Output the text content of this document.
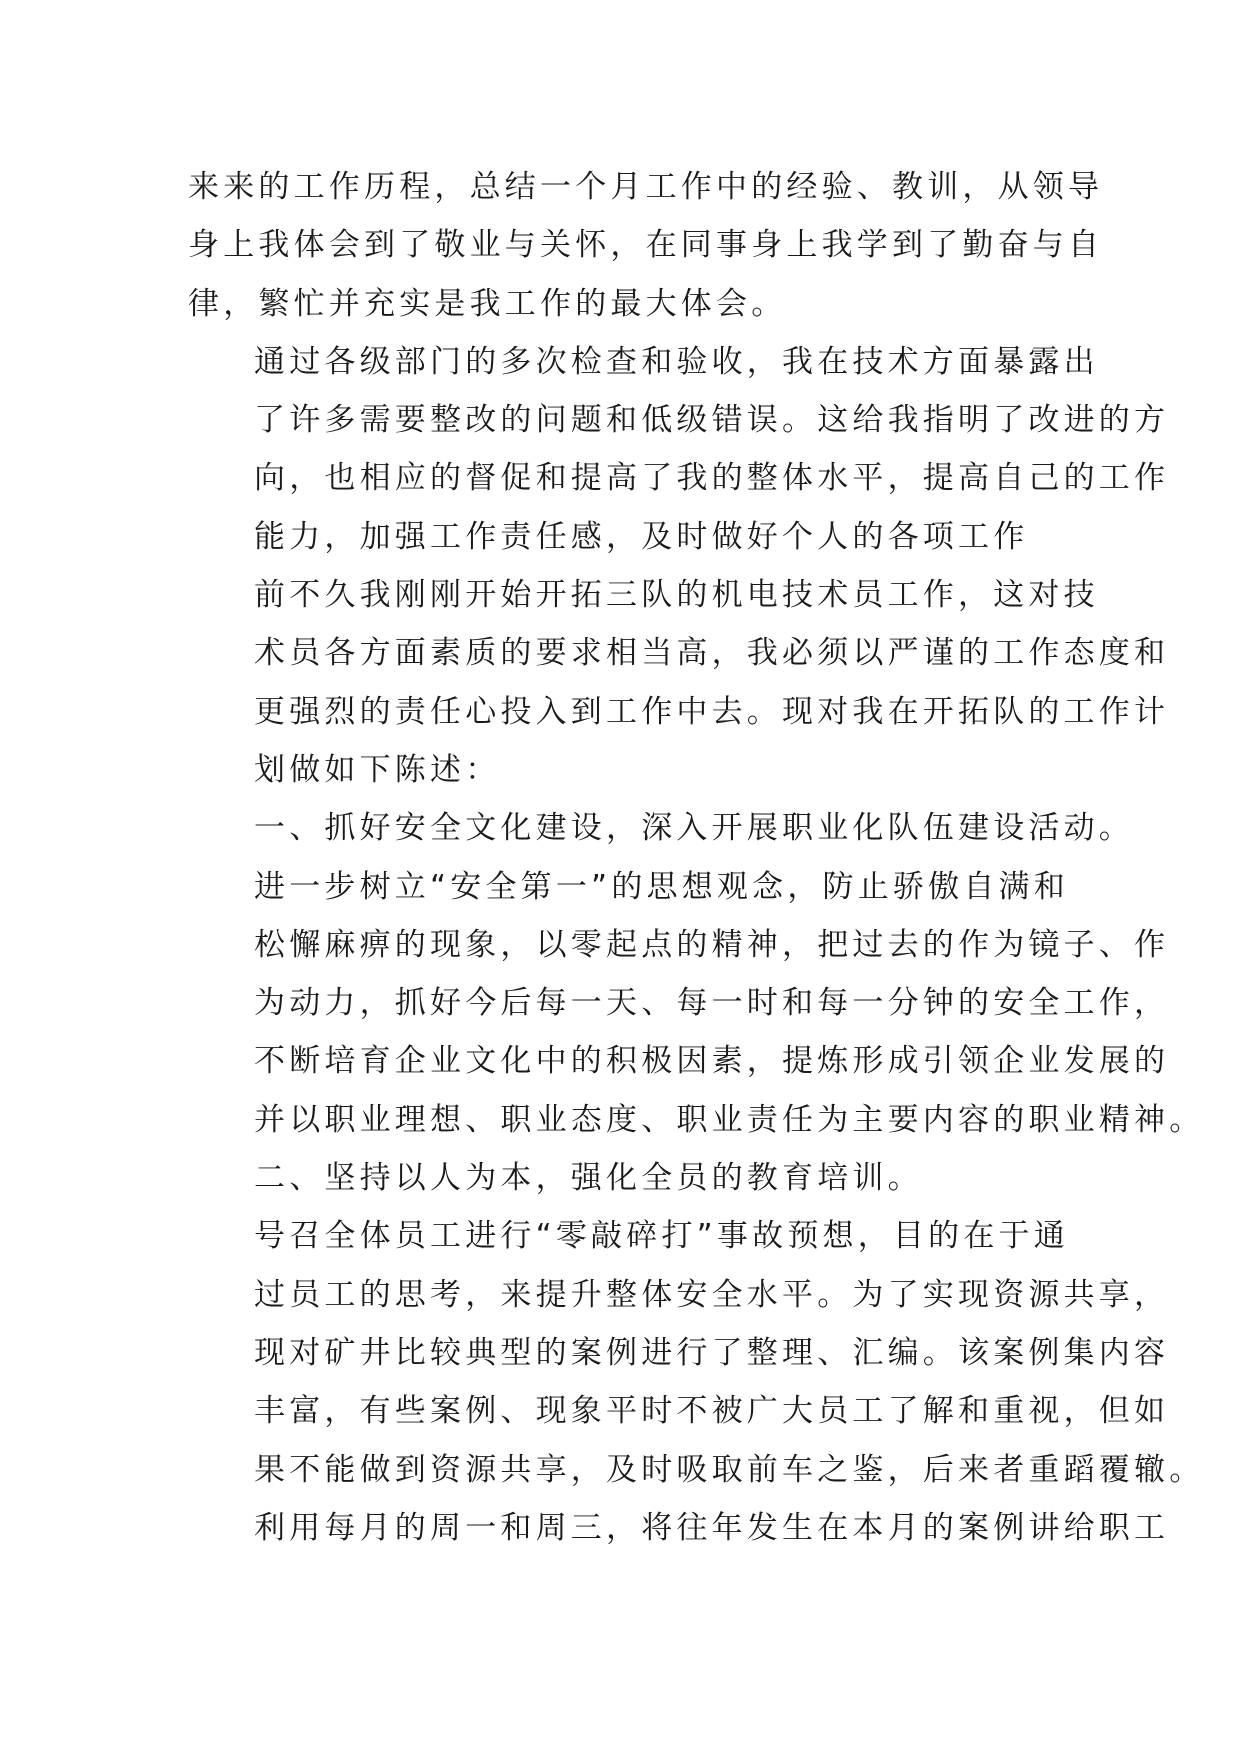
来来的工作历程，总结一个月工作中的经验、教训，从领导
身上我体会到了敬业与关怀，在同事身上我学到了勤奋与自
律，繁忙并充实是我工作的最大体会。

通过各级部门的多次检查和验收，我在技术方面暴露出
了许多需要整改的问题和低级错误。这给我指明了改进的方
向，也相应的督促和提高了我的整体水平，提高自己的工作
能力，加强工作责任感，及时做好个人的各项工作

前不久我刚刚开始开拓三队的机电技术员工作，这对技
术员各方面素质的要求相当高，我必须以严谨的工作态度和
更强烈的责任心投入到工作中去。现对我在开拓队的工作计
划做如下陈述：

一、抓好安全文化建设，深入开展职业化队伍建设活动。

进一步树立“安全第一”的思想观念，防止骄傲自满和
松懈麻痹的现象，以零起点的精神，把过去的作为镜子、作
为动力，抓好今后每一天、每一时和每一分钟的安全工作，
不断培育企业文化中的积极因素，提炼形成引领企业发展的
并以职业理想、职业态度、职业责任为主要内容的职业精神。

二、坚持以人为本，强化全员的教育培训。

号召全体员工进行“零敲碎打”事故预想，目的在于通
过员工的思考，来提升整体安全水平。为了实现资源共享，
现对矿井比较典型的案例进行了整理、汇编。该案例集内容
丰富，有些案例、现象平时不被广大员工了解和重视，但如
果不能做到资源共享，及时吸取前车之鉴，后来者重蹈覆辙。
利用每月的周一和周三，将往年发生在本月的案例讲给职工
